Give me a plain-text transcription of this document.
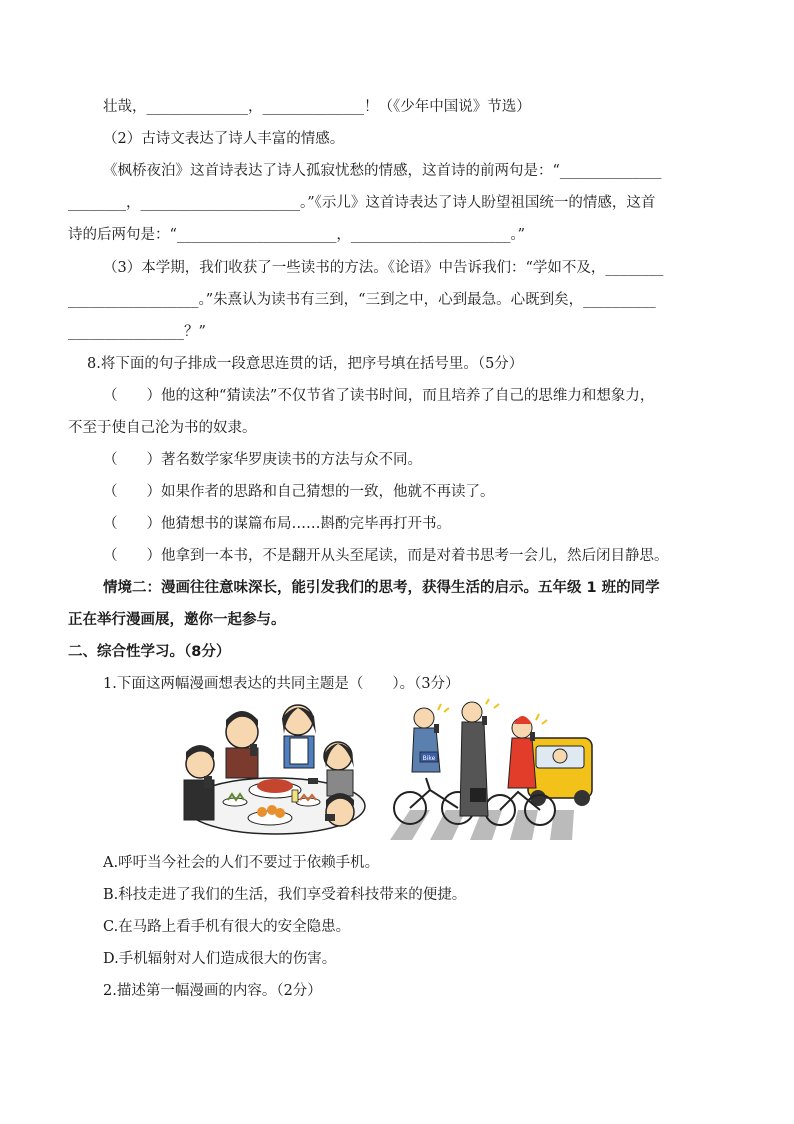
壮哉，______________，______________！（《少年中国说》节选）
（2）古诗文表达了诗人丰富的情感。
《枫桥夜泊》这首诗表达了诗人孤寂忧愁的情感，这首诗的前两句是：“______________
________，______________________。”《示儿》这首诗表达了诗人盼望祖国统一的情感，这首
诗的后两句是：“______________________，______________________。”
（3）本学期，我们收获了一些读书的方法。《论语》中告诉我们：“学如不及，________
__________________。”朱熹认为读书有三到，“三到之中，心到最急。心既到矣，__________
________________？”
8.将下面的句子排成一段意思连贯的话，把序号填在括号里。（5分）
（　　）他的这种“猜读法”不仅节省了读书时间，而且培养了自己的思维力和想象力，
不至于使自己沦为书的奴隶。
（　　）著名数学家华罗庚读书的方法与众不同。
（　　）如果作者的思路和自己猜想的一致，他就不再读了。
（　　）他猜想书的谋篇布局……斟酌完毕再打开书。
（　　）他拿到一本书，不是翻开从头至尾读，而是对着书思考一会儿，然后闭目静思。
情境二：漫画往往意味深长，能引发我们的思考，获得生活的启示。五年级 1 班的同学
正在举行漫画展，邀你一起参与。
二、综合性学习。（8分）
1.下面这两幅漫画想表达的共同主题是（　　）。（3分）
Bike
A.呼吁当今社会的人们不要过于依赖手机。
B.科技走进了我们的生活，我们享受着科技带来的便捷。
C.在马路上看手机有很大的安全隐患。
D.手机辐射对人们造成很大的伤害。
2.描述第一幅漫画的内容。（2分）
